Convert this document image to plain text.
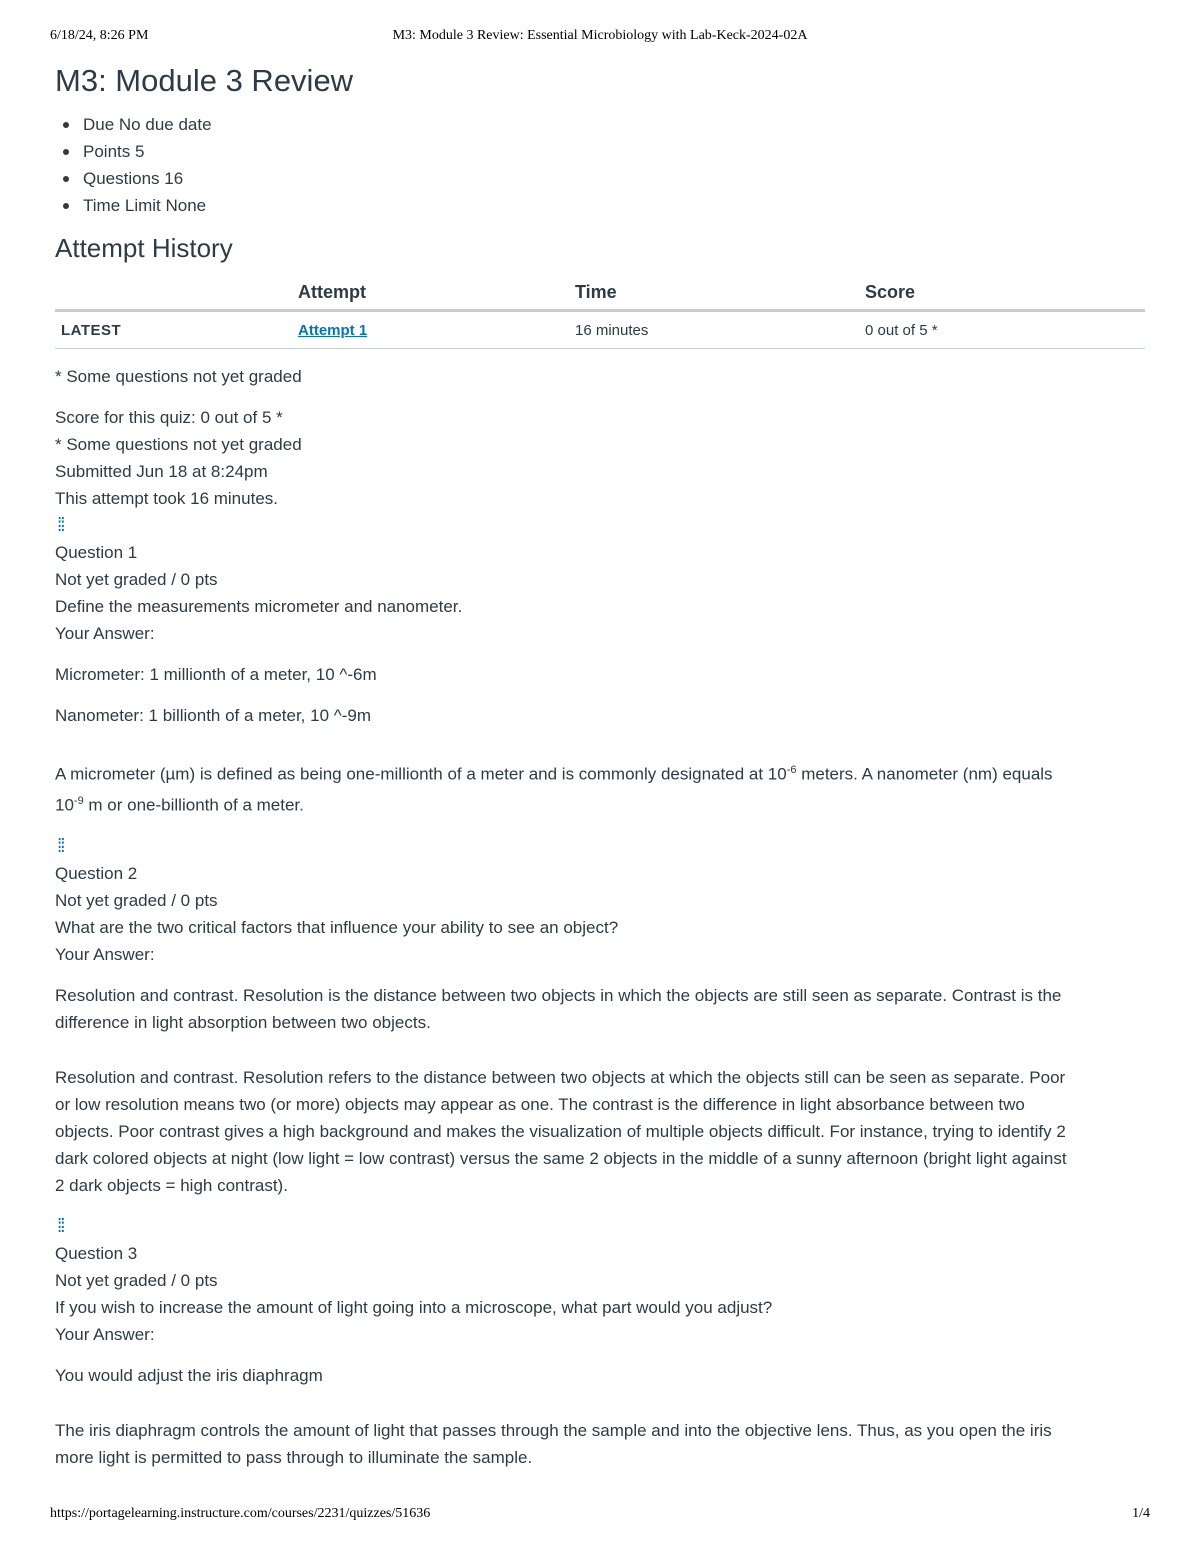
6/18/24, 8:26 PM	M3: Module 3 Review: Essential Microbiology with Lab-Keck-2024-02A
M3: Module 3 Review
Due No due date
Points 5
Questions 16
Time Limit None
Attempt History
	Attempt	Time	Score
LATEST	Attempt 1	16 minutes	0 out of 5 *

* Some questions not yet graded

Score for this quiz: 0 out of 5 *

* Some questions not yet graded

Submitted Jun 18 at 8:24pm

This attempt took 16 minutes.

⁞⁞

Question 1

Not yet graded / 0 pts

Define the measurements micrometer and nanometer.

Your Answer:

Micrometer: 1 millionth of a meter, 10 ^-6m

Nanometer: 1 billionth of a meter, 10 ^-9m

A micrometer (µm) is defined as being one-millionth of a meter and is commonly designated at $10^{-6}$ meters. A nanometer (nm) equals
$10^{-9}$ m or one-billionth of a meter.

⁞⁞

Question 2

Not yet graded / 0 pts

What are the two critical factors that influence your ability to see an object?

Your Answer:

Resolution and contrast. Resolution is the distance between two objects in which the objects are still seen as separate. Contrast is the

difference in light absorption between two objects.

Resolution and contrast. Resolution refers to the distance between two objects at which the objects still can be seen as separate. Poor

or low resolution means two (or more) objects may appear as one. The contrast is the difference in light absorbance between two

objects. Poor contrast gives a high background and makes the visualization of multiple objects difficult. For instance, trying to identify 2

dark colored objects at night (low light = low contrast) versus the same 2 objects in the middle of a sunny afternoon (bright light against

2 dark objects = high contrast).

⁞⁞

Question 3

Not yet graded / 0 pts

If you wish to increase the amount of light going into a microscope, what part would you adjust?

Your Answer:

You would adjust the iris diaphragm

The iris diaphragm controls the amount of light that passes through the sample and into the objective lens. Thus, as you open the iris

more light is permitted to pass through to illuminate the sample.

https://portagelearning.instructure.com/courses/2231/quizzes/51636	1/4
